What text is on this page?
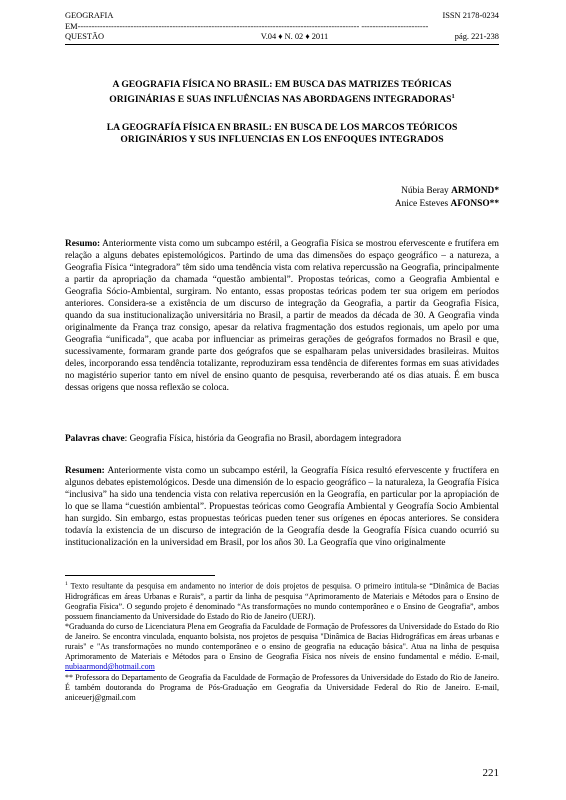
GEOGRAFIA	ISSN 2178-0234
EM----------------------------------------------------------------------------------------------------- ------------------------
QUESTÃO	V.04 ♦ N. 02 ♦ 2011	pág. 221-238

A GEOGRAFIA FÍSICA NO BRASIL: EM BUSCA DAS MATRIZES TEÓRICAS

ORIGINÁRIAS E SUAS INFLUÊNCIAS NAS ABORDAGENS INTEGRADORAS$^1$

LA GEOGRAFÍA FÍSICA EN BRASIL: EN BUSCA DE LOS MARCOS TEÓRICOS

ORIGINÁRIOS Y SUS INFLUENCIAS EN LOS ENFOQUES INTEGRADOS

Núbia Beray ARMOND*
Anice Esteves AFONSO**

Resumo: Anteriormente vista como um subcampo estéril, a Geografia Física se mostrou efervescente e frutífera em relação a alguns debates epistemológicos. Partindo de uma das dimensões do espaço geográfico – a natureza, a Geografia Física “integradora” têm sido uma tendência vista com relativa repercussão na Geografia, principalmente a partir da apropriação da chamada “questão ambiental”. Propostas teóricas, como a Geografia Ambiental e Geografia Sócio-Ambiental, surgiram. No entanto, essas propostas teóricas podem ter sua origem em períodos anteriores. Considera-se a existência de um discurso de integração da Geografia, a partir da Geografia Física, quando da sua institucionalização universitária no Brasil, a partir de meados da década de 30. A Geografia vinda originalmente da França traz consigo, apesar da relativa fragmentação dos estudos regionais, um apelo por uma Geografia “unificada”, que acaba por influenciar as primeiras gerações de geógrafos formados no Brasil e que, sucessivamente, formaram grande parte dos geógrafos que se espalharam pelas universidades brasileiras. Muitos deles, incorporando essa tendência totalizante, reproduziram essa tendência de diferentes formas em suas atividades no magistério superior tanto em nível de ensino quanto de pesquisa, reverberando até os dias atuais. É em busca dessas origens que nossa reflexão se coloca.

Palavras chave: Geografia Física, história da Geografia no Brasil, abordagem integradora

Resumen: Anteriormente vista como un subcampo estéril, la Geografía Física resultó efervescente y fructífera en algunos debates epistemológicos. Desde una dimensión de lo espacio geográfico – la naturaleza, la Geografía Física “inclusiva” ha sido una tendencia vista con relativa repercusión en la Geografía, en particular por la apropiación de lo que se llama “cuestión ambiental”. Propuestas teóricas como Geografía Ambiental y Geografía Socio Ambiental han surgido. Sin embargo, estas propuestas teóricas pueden tener sus orígenes en épocas anteriores. Se considera todavía la existencia de un discurso de integración de la Geografía desde la Geografía Física cuando ocurrió su institucionalización en la universidad em Brasil, por los años 30. La Geografía que vino originalmente

$^1$ Texto resultante da pesquisa em andamento no interior de dois projetos de pesquisa. O primeiro intitula-se “Dinâmica de Bacias Hidrográficas em áreas Urbanas e Rurais”, a partir da linha de pesquisa “Aprimoramento de Materiais e Métodos para o Ensino de Geografia Física”. O segundo projeto é denominado “As transformações no mundo contemporâneo e o Ensino de Geografia”, ambos possuem financiamento da Universidade do Estado do Rio de Janeiro (UERJ).

*Graduanda do curso de Licenciatura Plena em Geografia da Faculdade de Formação de Professores da Universidade do Estado do Rio de Janeiro. Se encontra vinculada, enquanto bolsista, nos projetos de pesquisa "Dinâmica de Bacias Hidrográficas em áreas urbanas e rurais" e "As transformações no mundo contemporâneo e o ensino de geografia na educação básica". Atua na linha de pesquisa Aprimoramento de Materiais e Métodos para o Ensino de Geografia Física nos níveis de ensino fundamental e médio. E-mail, nubiaarmond@hotmail.com

** Professora do Departamento de Geografia da Faculdade de Formação de Professores da Universidade do Estado do Rio de Janeiro. É também doutoranda do Programa de Pós-Graduação em Geografia da Universidade Federal do Rio de Janeiro. E-mail, aniceuerj@gmail.com

221
